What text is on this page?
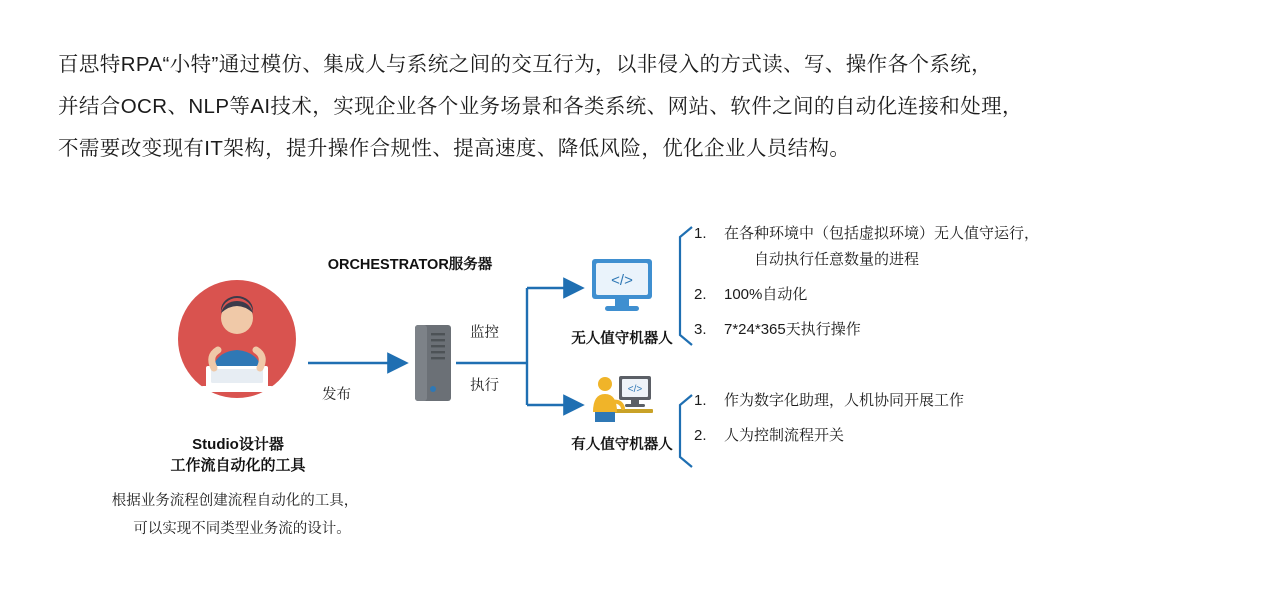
百思特RPA“小特”通过模仿、集成人与系统之间的交互行为，以非侵入的方式读、写、操作各个系统，

并结合OCR、NLP等AI技术，实现企业各个业务场景和各类系统、网站、软件之间的自动化连接和处理，

不需要改变现有IT架构，提升操作合规性、提高速度、降低风险，优化企业人员结构。

Studio设计器
工作流自动化的工具
根据业务流程创建流程自动化的工具，
可以实现不同类型业务流的设计。
ORCHESTRATOR服务器
发布
监控
执行
</>
无人值守机器人
1.	在各种环境中（包括虚拟环境）无人值守运行，
自动执行任意数量的进程
2.	100%自动化
3.	7*24*365天执行操作
</>
有人值守机器人
1.	作为数字化助理，人机协同开展工作
2.	人为控制流程开关
